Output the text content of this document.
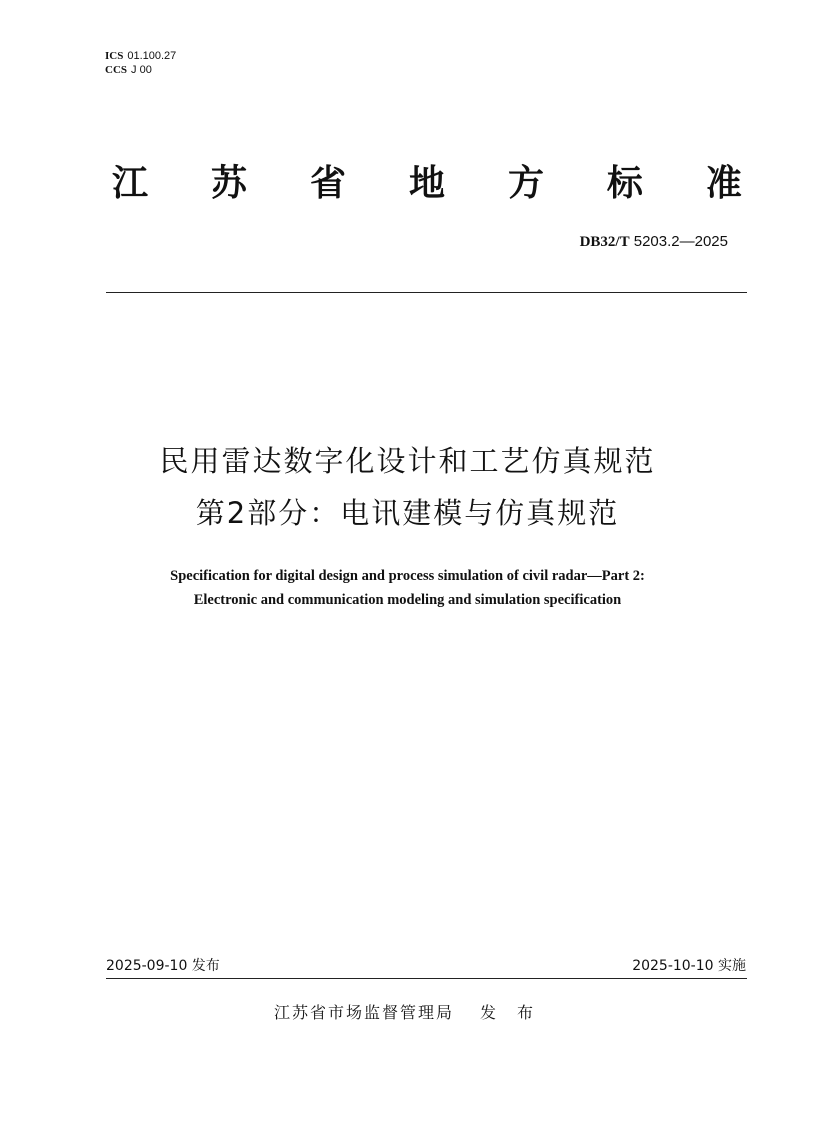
ICS 01.100.27
CCS J 00
江 苏 省 地 方 标 准
DB32/T 5203.2—2025
民用雷达数字化设计和工艺仿真规范
第2部分：电讯建模与仿真规范
Specification for digital design and process simulation of civil radar—Part 2:
Electronic and communication modeling and simulation specification
2025-09-10 发布	2025-10-10 实施
江苏省市场监督管理局 发 布
